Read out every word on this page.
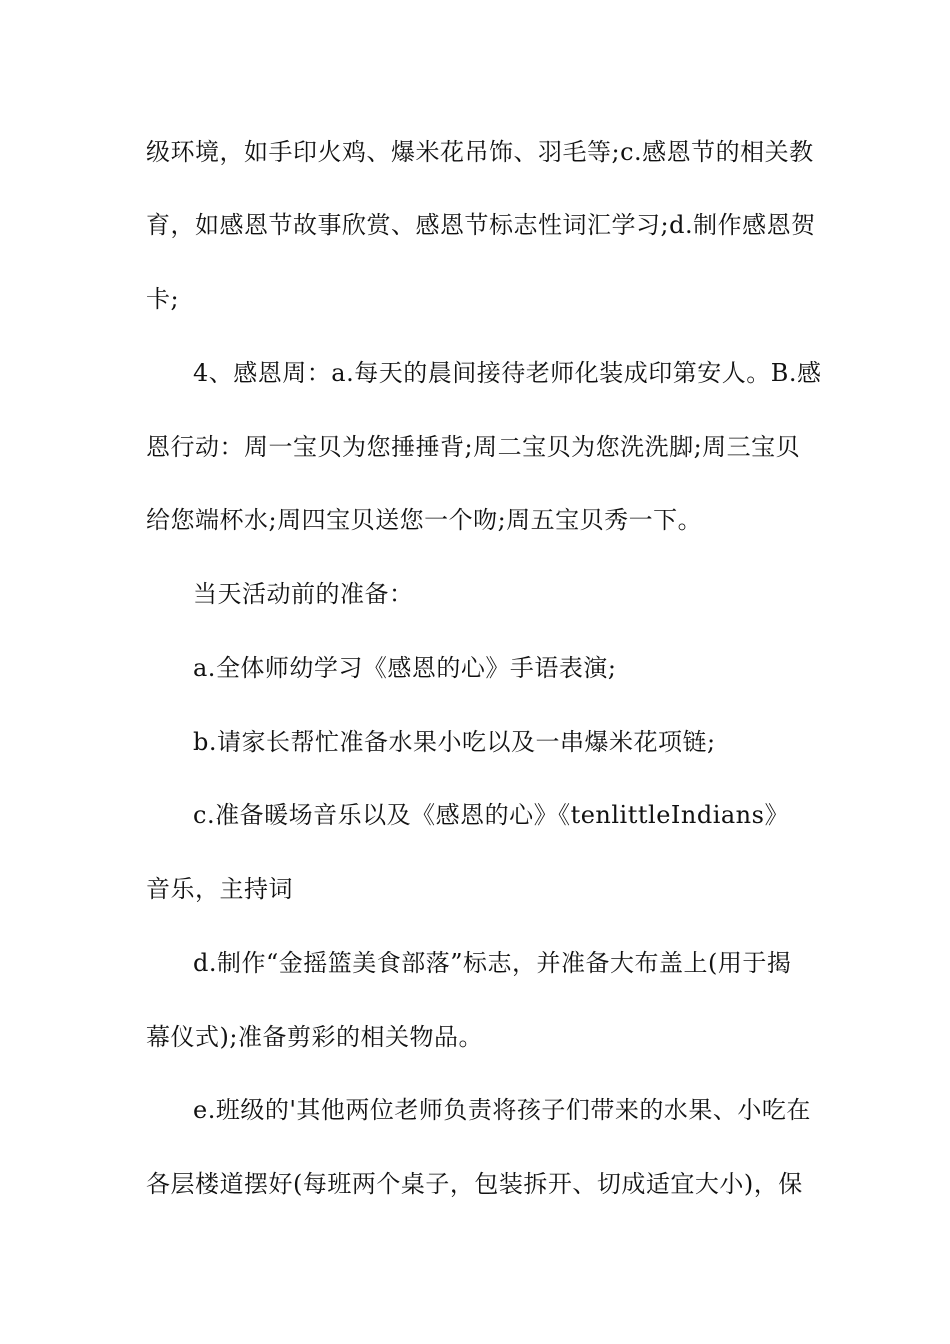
级环境，如手印火鸡、爆米花吊饰、羽毛等;c.感恩节的相关教
育，如感恩节故事欣赏、感恩节标志性词汇学习;d.制作感恩贺
卡;
4、感恩周：a.每天的晨间接待老师化装成印第安人。B.感
恩行动：周一宝贝为您捶捶背;周二宝贝为您洗洗脚;周三宝贝
给您端杯水;周四宝贝送您一个吻;周五宝贝秀一下。
当天活动前的准备：
a.全体师幼学习《感恩的心》手语表演;
b.请家长帮忙准备水果小吃以及一串爆米花项链;
c.准备暖场音乐以及《感恩的心》《tenlittleIndians》
音乐，主持词
d.制作“金摇篮美食部落”标志，并准备大布盖上(用于揭
幕仪式);准备剪彩的相关物品。
e.班级的'其他两位老师负责将孩子们带来的水果、小吃在
各层楼道摆好(每班两个桌子，包装拆开、切成适宜大小)，保
